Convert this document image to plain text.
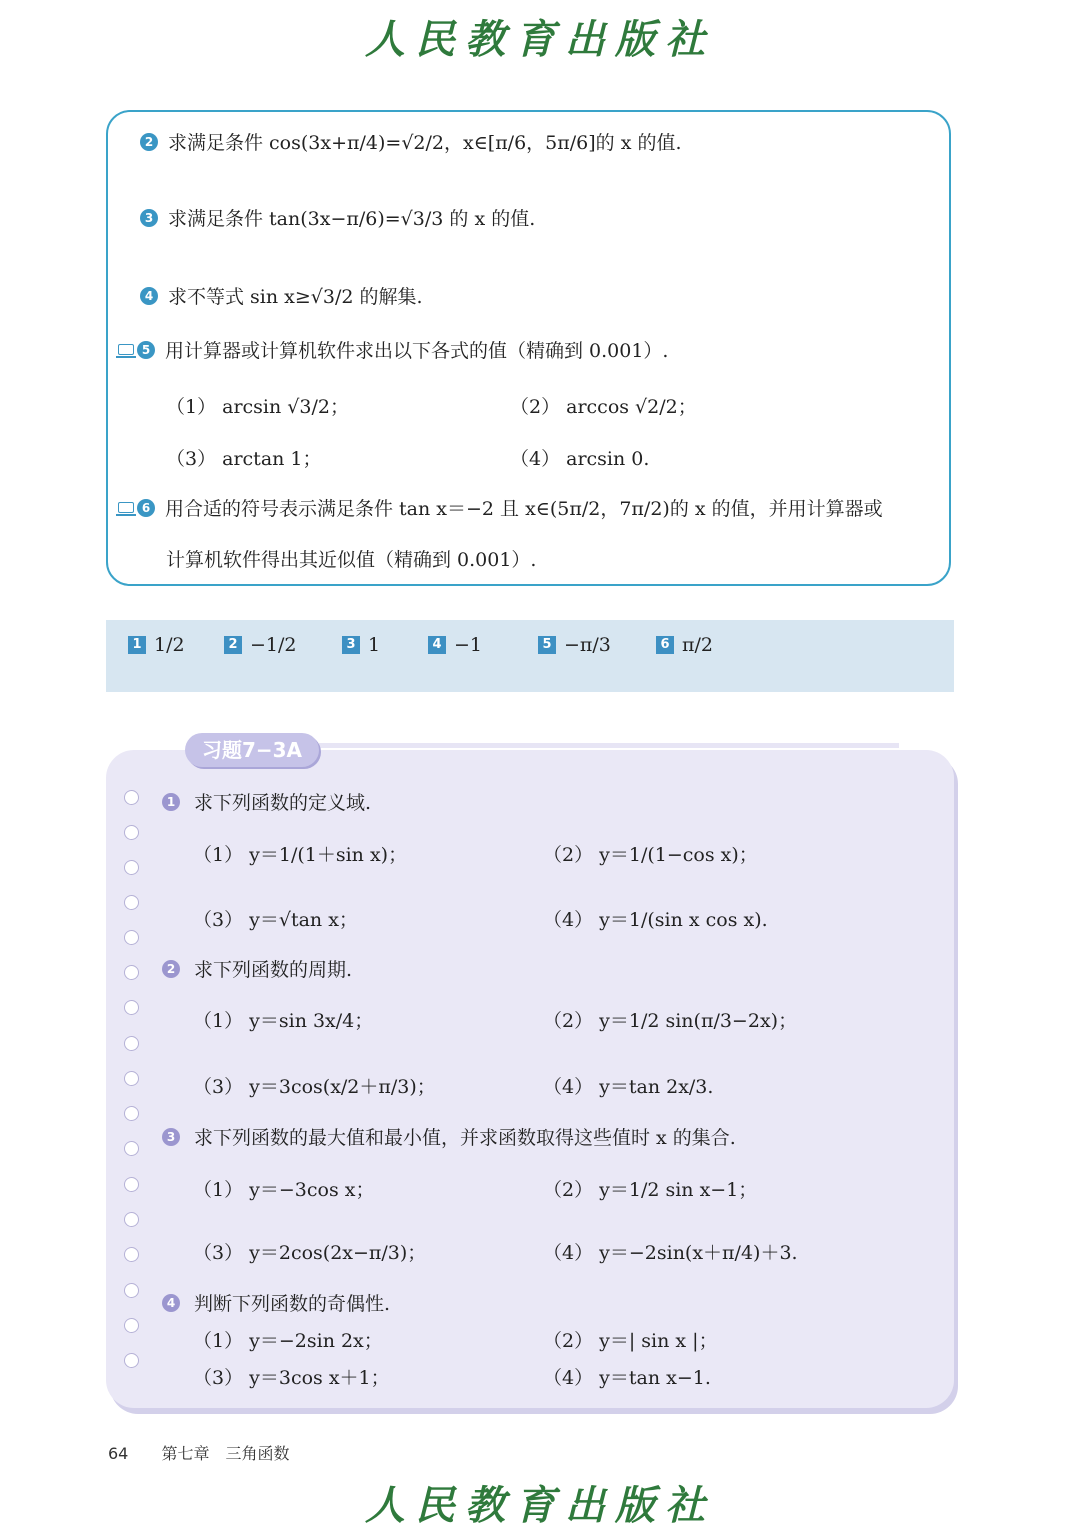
人民教育出版社
2 求满足条件 cos(3x+π/4)=√2/2，x∈[π/6，5π/6]的 x 的值.
3 求满足条件 tan(3x−π/6)=√3/3 的 x 的值.
4 求不等式 sin x≥√3/2 的解集.
5 用计算器或计算机软件求出以下各式的值（精确到 0.001）.
（1） arcsin √3/2；	（2） arccos √2/2；
（3） arctan 1；	（4） arcsin 0.
6 用合适的符号表示满足条件 tan x＝−2 且 x∈(5π/2，7π/2)的 x 的值，并用计算器或
计算机软件得出其近似值（精确到 0.001）.
1 1/2	2 −1/2	3 1	4 −1	5 −π/3	6 π/2
习题7−3A
1 求下列函数的定义域.
（1） y＝1/(1＋sin x)；	（2） y＝1/(1−cos x)；
（3） y＝√tan x；	（4） y＝1/(sin x cos x).
2 求下列函数的周期.
（1） y＝sin 3x/4；	（2） y＝1/2 sin(π/3−2x)；
（3） y＝3cos(x/2＋π/3)；	（4） y＝tan 2x/3.
3 求下列函数的最大值和最小值，并求函数取得这些值时 x 的集合.
（1） y＝−3cos x；	（2） y＝1/2 sin x−1；
（3） y＝2cos(2x−π/3)；	（4） y＝−2sin(x＋π/4)＋3.
4 判断下列函数的奇偶性.
（1） y＝−2sin 2x；	（2） y＝| sin x |；
（3） y＝3cos x＋1；	（4） y＝tan x−1.
64 第七章　三角函数
人民教育出版社
